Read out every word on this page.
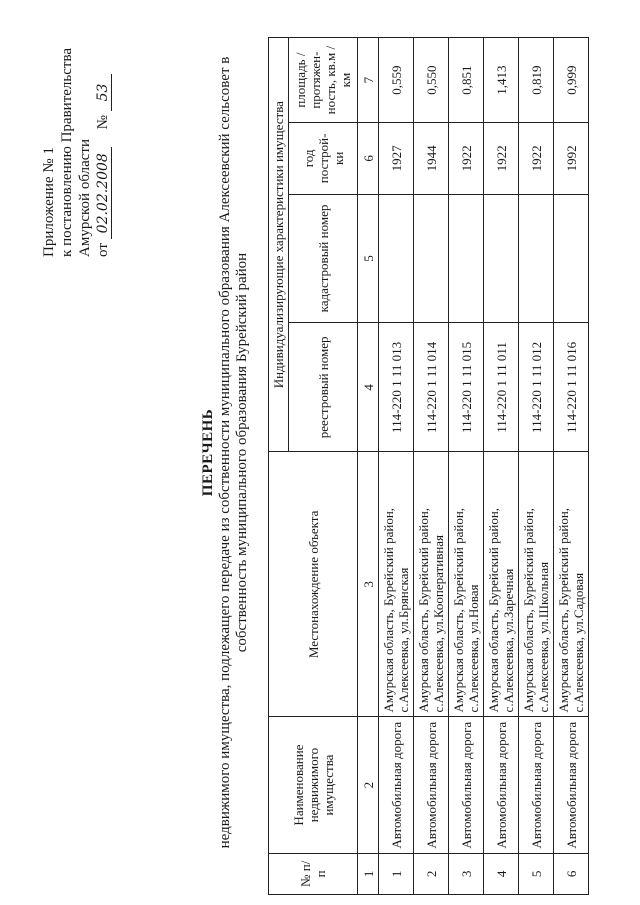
Приложение № 1 к постановлению Правительства Амурской области от 02.02.2008 № 53
ПЕРЕЧЕНЬ недвижимого имущества, подлежащего передаче из собственности муниципального образования Алексеевский сельсовет в собственность муниципального образования Бурейский район
№ п/п	Наименование недвижимого имущества	Местонахождение объекта	Индивидуализирующие характеристики имущества			
			реестровый номер	кадастровый номер	год построй-ки	площадь / протяжен-ность, кв.м / км
1	2	3	4	5	6	7
1	Автомобильная дорога	Амурская область, Бурейский район, с.Алексеевка, ул.Брянская	114-220 1 11 013		1927	0,559
2	Автомобильная дорога	Амурская область, Бурейский район, с.Алексеевка, ул.Кооперативная	114-220 1 11 014		1944	0,550
3	Автомобильная дорога	Амурская область, Бурейский район, с.Алексеевка, ул.Новая	114-220 1 11 015		1922	0,851
4	Автомобильная дорога	Амурская область, Бурейский район, с.Алексеевка, ул.Заречная	114-220 1 11 011		1922	1,413
5	Автомобильная дорога	Амурская область, Бурейский район, с.Алексеевка, ул.Школьная	114-220 1 11 012		1922	0,819
6	Автомобильная дорога	Амурская область, Бурейский район, с.Алексеевка, ул.Садовая	114-220 1 11 016		1992	0,999
